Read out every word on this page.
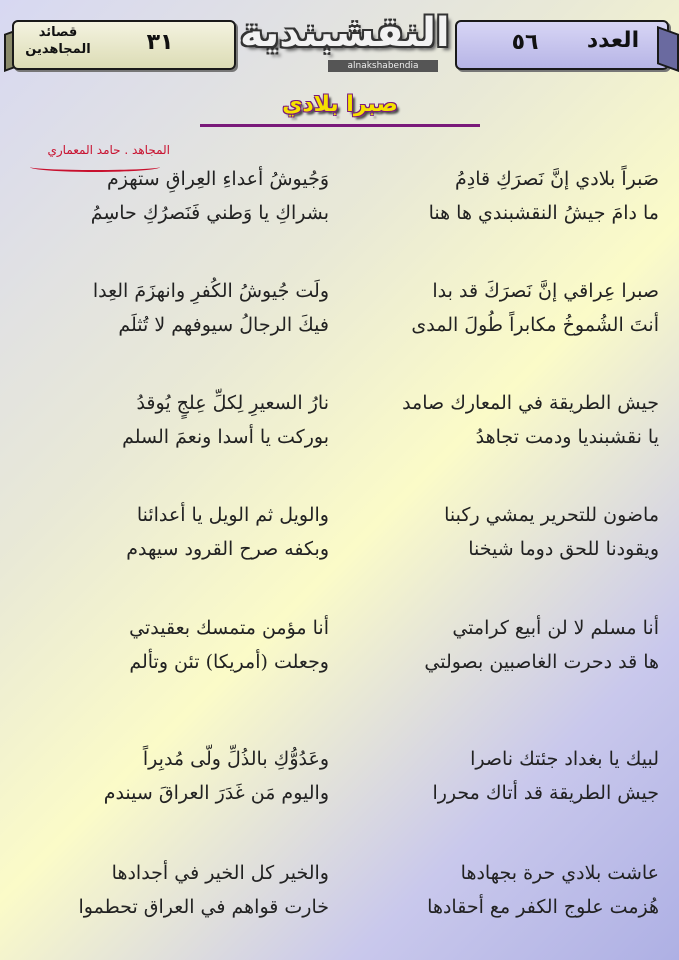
قصائد المجاهدين	٣١	النقشبندية
alnakshabendia
٥٦	العدد
صبرا بلادي
المجاهد . حامد المعماري
صَبراً بلادي إنَّ نَصرَكِ قادِمُ
ما دامَ جيشُ النقشبندي ها هنا
وَجُيوشُ أعداءِ العِراقِ ستهزم
بشراكِ يا وَطني فَنَصرُكِ حاسِمُ
صبرا عِراقي إنَّ نَصرَكَ قد بدا
أنتَ الشُموخُ مكابراً طُولَ المدى
ولَت جُيوشُ الكُفرِ وانهزَمَ العِدا
فيكَ الرجالُ سيوفهم لا تُثلَم
جيش الطريقة في المعارك صامد
يا نقشبنديا ودمت تجاهدُ
نارُ السعيرِ لِكلِّ عِلجٍ يُوقدُ
بوركت يا أسدا ونعمَ السلم
ماضون للتحرير يمشي ركبنا
ويقودنا للحق دوما شيخنا
والويل ثم الويل يا أعدائنا
وبكفه صرح القرود سيهدم
أنا مسلم لا لن أبيع كرامتي
ها قد دحرت الغاصبين بصولتي
أنا مؤمن متمسك بعقيدتي
وجعلت (أمريكا) تئن وتألم
لبيك يا بغداد جئتك ناصرا
جيش الطريقة قد أتاك محررا
وعَدُوُّكِ بالذُلِّ ولّى مُدبِراً
واليوم مَن غَدَرَ العراقَ سيندم
عاشت بلادي حرة بجهادها
هُزمت علوج الكفر مع أحقادها
والخير كل الخير في أجدادها
خارت قواهم في العراق تحطموا
